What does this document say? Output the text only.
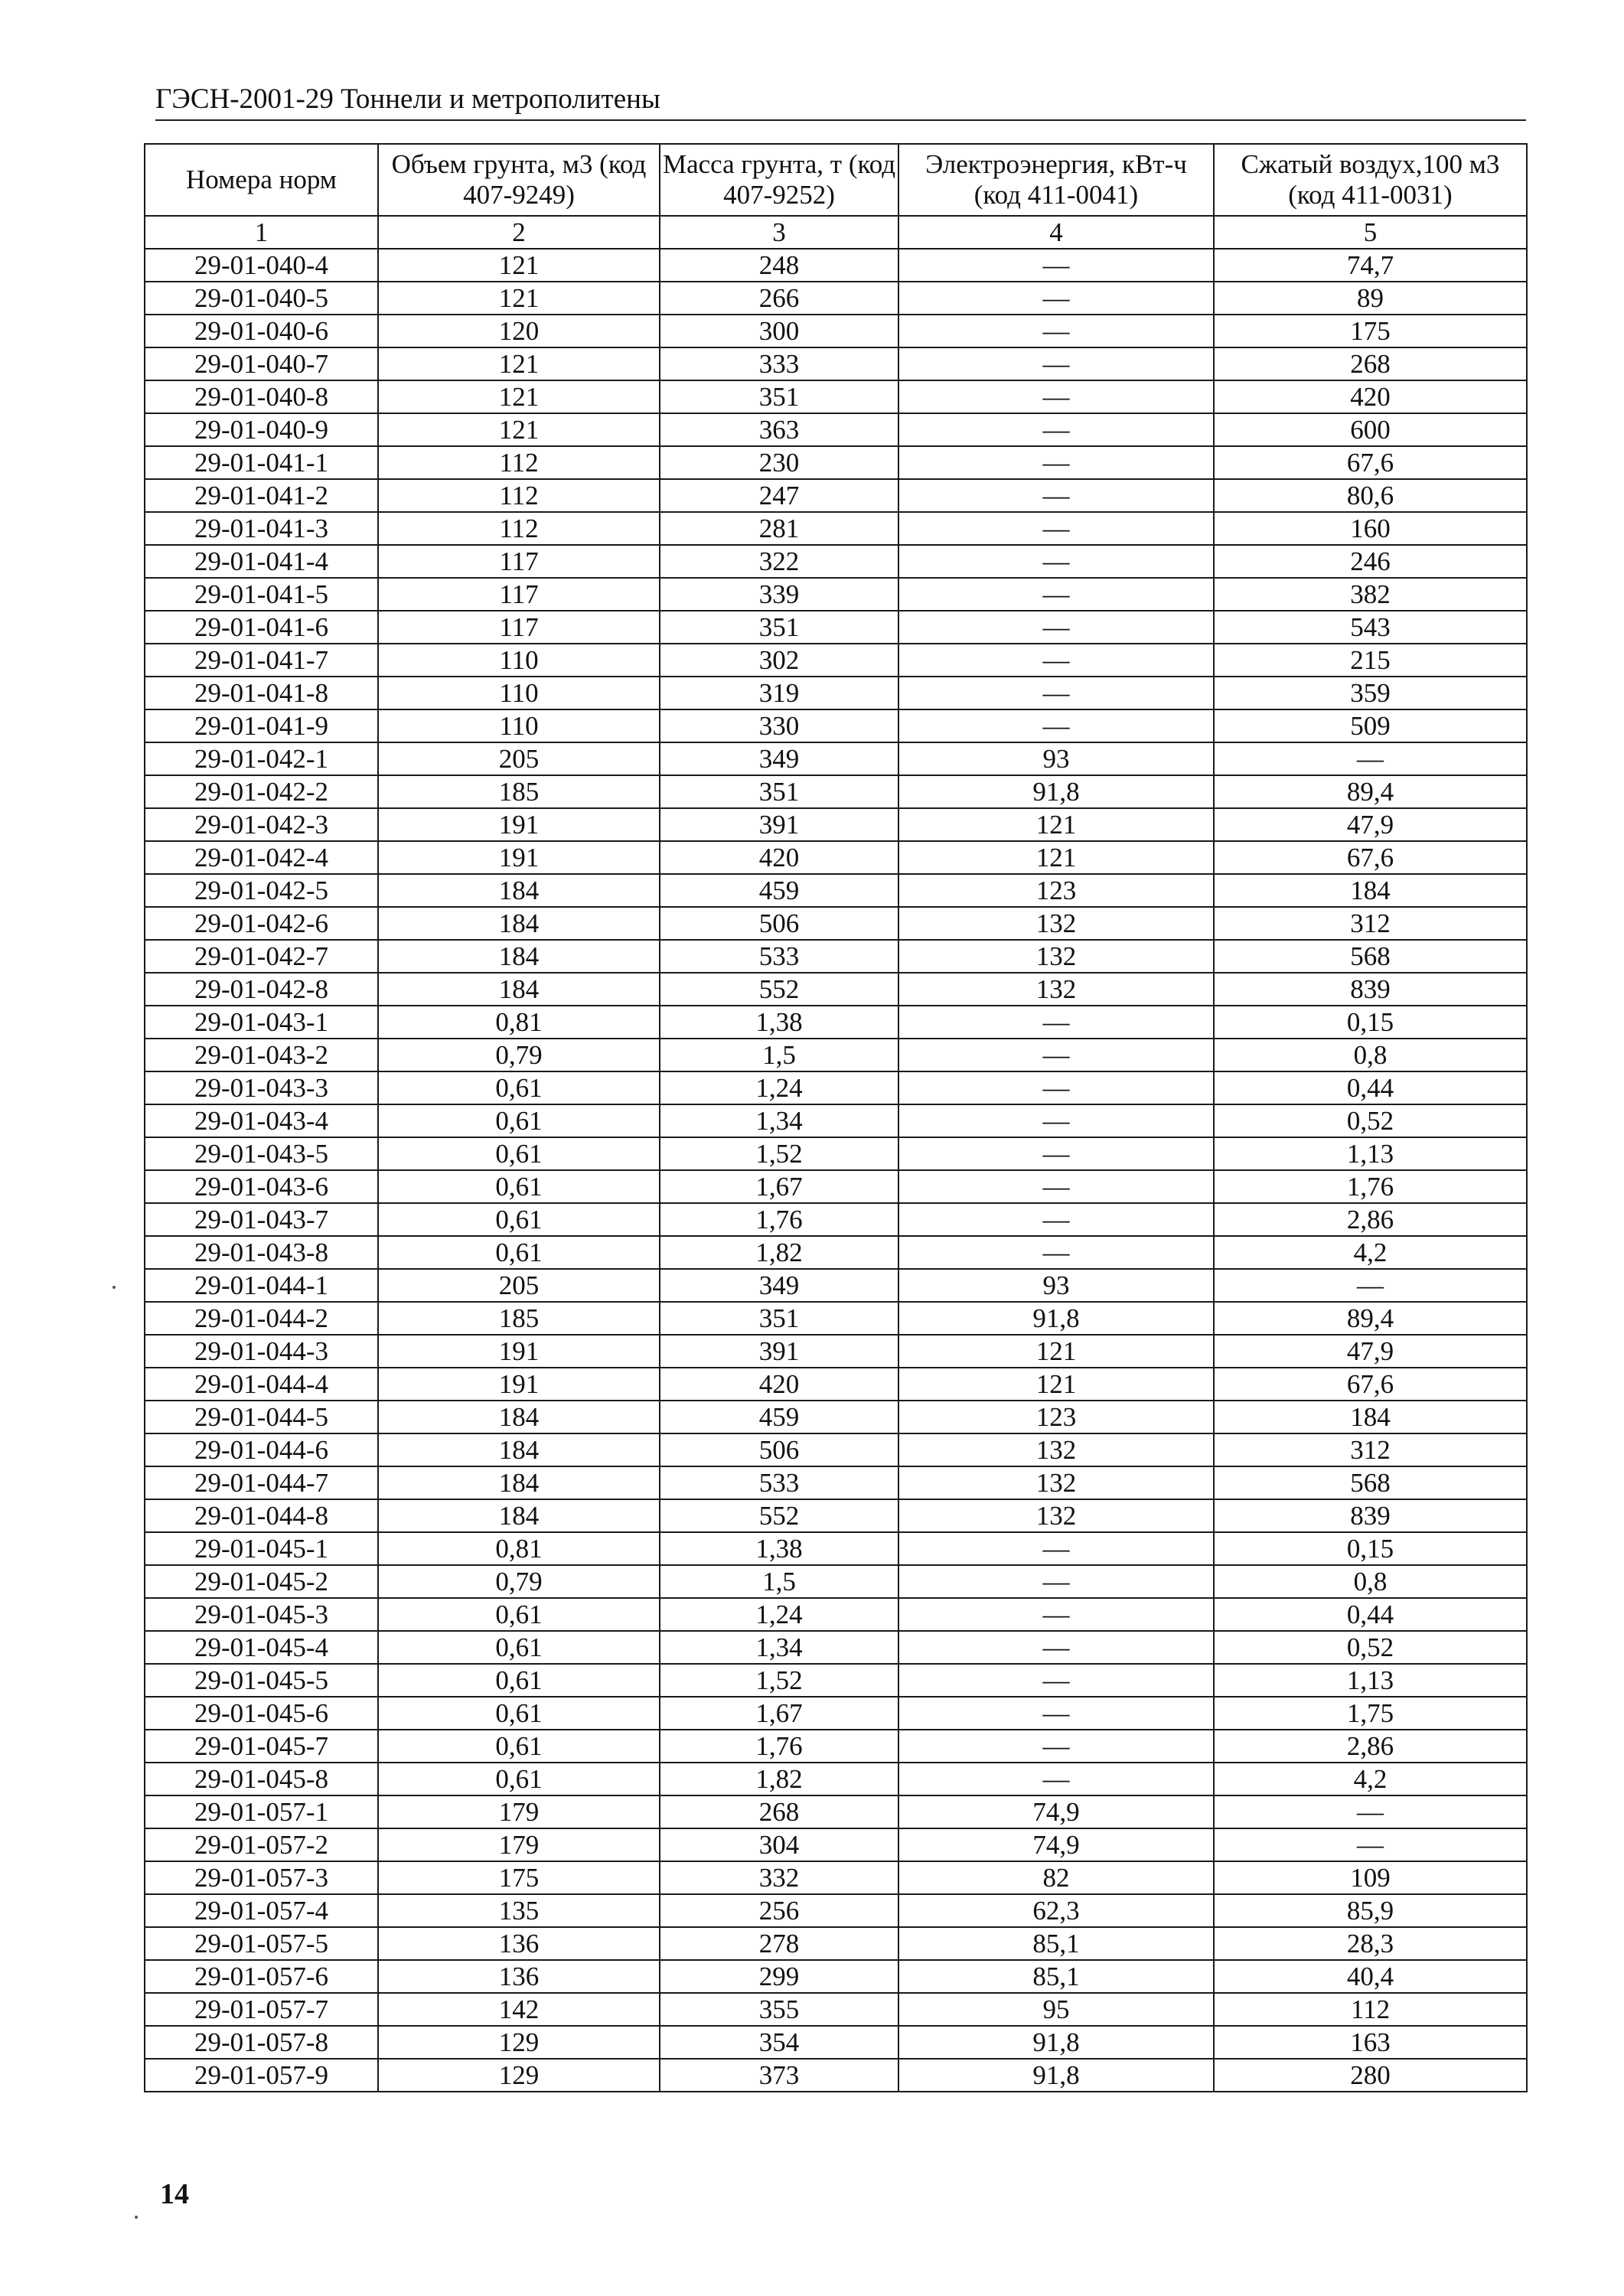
ГЭСН-2001-29 Тоннели и метрополитены
Номера норм	Объем грунта, м3 (код 407-9249)	Масса грунта, т (код 407-9252)	Электроэнергия, кВт-ч (код 411-0041)	Сжатый воздух,100 м3 (код 411-0031)
1	2	3	4	5
29-01-040-4	121	248	—	74,7
29-01-040-5	121	266	—	89
29-01-040-6	120	300	—	175
29-01-040-7	121	333	—	268
29-01-040-8	121	351	—	420
29-01-040-9	121	363	—	600
29-01-041-1	112	230	—	67,6
29-01-041-2	112	247	—	80,6
29-01-041-3	112	281	—	160
29-01-041-4	117	322	—	246
29-01-041-5	117	339	—	382
29-01-041-6	117	351	—	543
29-01-041-7	110	302	—	215
29-01-041-8	110	319	—	359
29-01-041-9	110	330	—	509
29-01-042-1	205	349	93	—
29-01-042-2	185	351	91,8	89,4
29-01-042-3	191	391	121	47,9
29-01-042-4	191	420	121	67,6
29-01-042-5	184	459	123	184
29-01-042-6	184	506	132	312
29-01-042-7	184	533	132	568
29-01-042-8	184	552	132	839
29-01-043-1	0,81	1,38	—	0,15
29-01-043-2	0,79	1,5	—	0,8
29-01-043-3	0,61	1,24	—	0,44
29-01-043-4	0,61	1,34	—	0,52
29-01-043-5	0,61	1,52	—	1,13
29-01-043-6	0,61	1,67	—	1,76
29-01-043-7	0,61	1,76	—	2,86
29-01-043-8	0,61	1,82	—	4,2
29-01-044-1	205	349	93	—
29-01-044-2	185	351	91,8	89,4
29-01-044-3	191	391	121	47,9
29-01-044-4	191	420	121	67,6
29-01-044-5	184	459	123	184
29-01-044-6	184	506	132	312
29-01-044-7	184	533	132	568
29-01-044-8	184	552	132	839
29-01-045-1	0,81	1,38	—	0,15
29-01-045-2	0,79	1,5	—	0,8
29-01-045-3	0,61	1,24	—	0,44
29-01-045-4	0,61	1,34	—	0,52
29-01-045-5	0,61	1,52	—	1,13
29-01-045-6	0,61	1,67	—	1,75
29-01-045-7	0,61	1,76	—	2,86
29-01-045-8	0,61	1,82	—	4,2
29-01-057-1	179	268	74,9	—
29-01-057-2	179	304	74,9	—
29-01-057-3	175	332	82	109
29-01-057-4	135	256	62,3	85,9
29-01-057-5	136	278	85,1	28,3
29-01-057-6	136	299	85,1	40,4
29-01-057-7	142	355	95	112
29-01-057-8	129	354	91,8	163
29-01-057-9	129	373	91,8	280
14
